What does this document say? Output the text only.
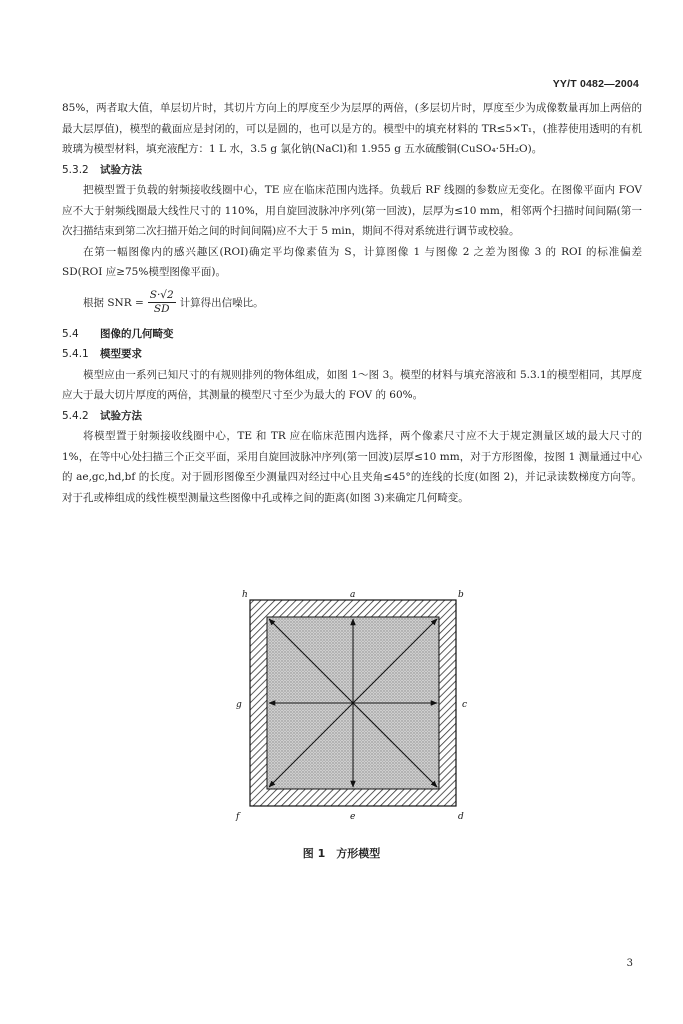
YY/T 0482—2004

85%，两者取大值，单层切片时，其切片方向上的厚度至少为层厚的两倍，(多层切片时，厚度至少为成像数量再加上两倍的最大层厚值)，模型的截面应是封闭的，可以是圆的，也可以是方的。模型中的填充材料的 TR≤5×T₁，(推荐使用透明的有机玻璃为模型材料，填充液配方：1 L 水，3.5 g 氯化钠(NaCl)和 1.955 g 五水硫酸铜(CuSO₄·5H₂O)。

5.3.2 试验方法

把模型置于负载的射频接收线圈中心，TE 应在临床范围内选择。负载后 RF 线圈的参数应无变化。在图像平面内 FOV 应不大于射频线圈最大线性尺寸的 110%，用自旋回波脉冲序列(第一回波)，层厚为≤10 mm，相邻两个扫描时间间隔(第一次扫描结束到第二次扫描开始之间的时间间隔)应不大于 5 min，期间不得对系统进行调节或校验。

在第一幅图像内的感兴趣区(ROI)确定平均像素值为 S，计算图像 1 与图像 2 之差为图像 3 的 ROI 的标准偏差 SD(ROI 应≥75%模型图像平面)。

根据 SNR = $\frac{S\cdot√2}{SD}$ 计算得出信噪比。
5.4 图像的几何畸变
5.4.1 模型要求

模型应由一系列已知尺寸的有规则排列的物体组成，如图 1～图 3。模型的材料与填充溶液和 5.3.1的模型相同，其厚度应大于最大切片厚度的两倍，其测量的模型尺寸至少为最大的 FOV 的 60%。

5.4.2 试验方法

将模型置于射频接收线圈中心，TE 和 TR 应在临床范围内选择，两个像素尺寸应不大于规定测量区域的最大尺寸的 1%，在等中心处扫描三个正交平面，采用自旋回波脉冲序列(第一回波)层厚≤10 mm，对于方形图像，按图 1 测量通过中心的 ae,gc,hd,bf 的长度。对于圆形图像至少测量四对经过中心且夹角≤45°的连线的长度(如图 2)，并记录读数梯度方向等。对于孔或棒组成的线性模型测量这些图像中孔或棒之间的距离(如图 3)来确定几何畸变。

h	a	b
g	c
f	e	d
图 1　方形模型
3
